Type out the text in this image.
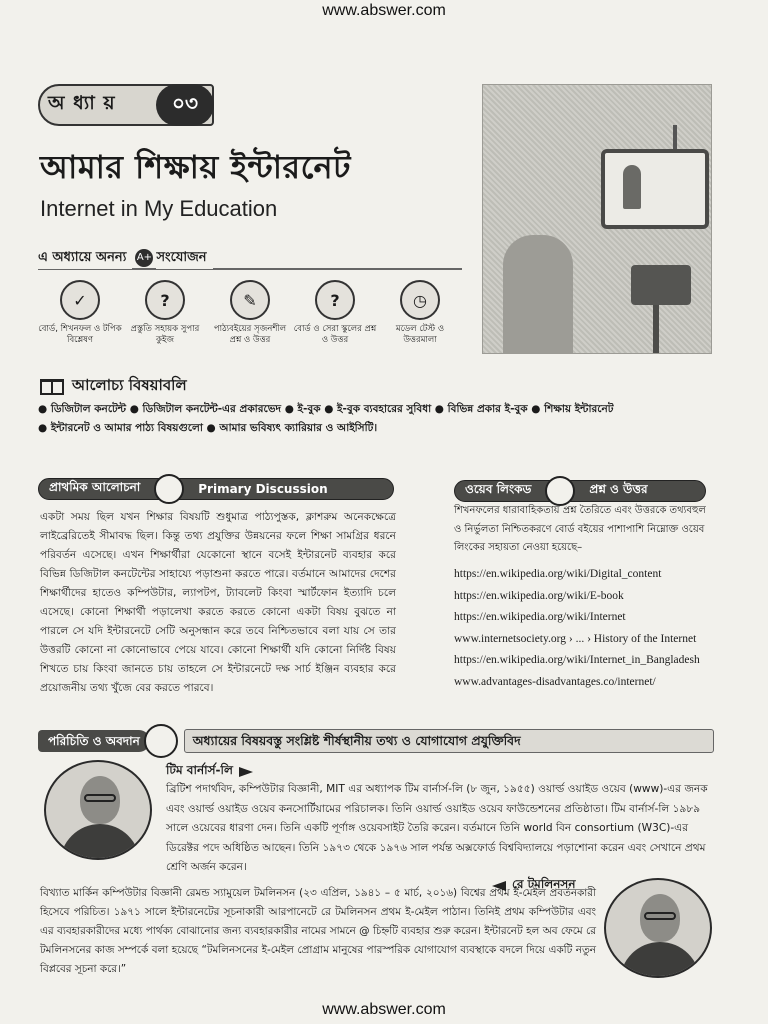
www.abswer.com
অ ধ্যা য়	০৩
আমার শিক্ষায় ইন্টারনেট
Internet in My Education
এ অধ্যায়ে অনন্য	A+ সংযোজন
✓
বোর্ড, শিখনফল ও টপিক বিশ্লেষণ
?
প্রস্তুতি সহায়ক সুপার কুইজ
✎
পাঠ্যবইয়ের সৃজনশীল প্রশ্ন ও উত্তর
?
বোর্ড ও সেরা স্কুলের প্রশ্ন ও উত্তর
◷
মডেল টেস্ট ও উত্তরমালা
আলোচ্য বিষয়াবলি
● ডিজিটাল কনটেন্ট ● ডিজিটাল কনটেন্ট-এর প্রকারভেদ ● ই-বুক ● ই-বুক ব্যবহারের সুবিধা ● বিভিন্ন প্রকার ই-বুক ● শিক্ষায় ইন্টারনেট
● ইন্টারনেট ও আমার পাঠ্য বিষয়গুলো ● আমার ভবিষ্যৎ ক্যারিয়ার ও আইসিটি।
প্রাথমিক আলোচনা	Primary Discussion
একটা সময় ছিল যখন শিক্ষার বিষয়টি শুধুমাত্র পাঠ্যপুস্তক, ক্লাশরুম অনেকক্ষেত্রে লাইব্রেরিতেই সীমাবদ্ধ ছিল। কিন্তু তথ্য প্রযুক্তির উন্নয়নের ফলে শিক্ষা সামগ্রির ধরনে পরিবর্তন এসেছে। এখন শিক্ষার্থীরা যেকোনো স্থানে বসেই ইন্টারনেট ব্যবহার করে বিভিন্ন ডিজিটাল কনটেন্টের সাহায্যে পড়াশুনা করতে পারে। বর্তমানে আমাদের দেশের শিক্ষার্থীদের হাতেও কম্পিউটার, ল্যাপটপ, ট্যাবলেট কিংবা স্মার্টফোন ইত্যাদি চলে এসেছে। কোনো শিক্ষার্থী পড়ালেখা করতে করতে কোনো একটা বিষয় বুঝতে না পারলে সে যদি ইন্টারনেটে সেটি অনুসন্ধান করে তবে নিশ্চিতভাবে বলা যায় সে তার উত্তরটি কোনো না কোনোভাবে পেয়ে যাবে। কোনো শিক্ষার্থী যদি কোনো নির্দিষ্ট বিষয় শিখতে চায় কিংবা জানতে চায় তাহলে সে ইন্টারনেটে দক্ষ সার্চ ইঞ্জিন ব্যবহার করে প্রয়োজনীয় তথ্য খুঁজে বের করতে পারবে।
ওয়েব লিংকড	প্রশ্ন ও উত্তর
শিখনফলের ধারাবাহিকতায় প্রশ্ন তৈরিতে এবং উত্তরকে তথ্যবহুল ও নির্ভুলতা নিশ্চিতকরণে বোর্ড বইয়ের পাশাপাশি নিম্নোক্ত ওয়েব লিংকের সহায়তা নেওয়া হয়েছে–
https://en.wikipedia.org/wiki/Digital_content
https://en.wikipedia.org/wiki/E-book
https://en.wikipedia.org/wiki/Internet
www.internetsociety.org › ... › History of the Internet
https://en.wikipedia.org/wiki/Internet_in_Bangladesh
www.advantages-disadvantages.co/internet/
পরিচিতি ও অবদান	অধ্যায়ের বিষয়বস্তু সংশ্লিষ্ট শীর্ষস্থানীয় তথ্য ও যোগাযোগ প্রযুক্তিবিদ
টিম বার্নার্স-লি
ব্রিটিশ পদার্থবিদ, কম্পিউটার বিজ্ঞানী, MIT এর অধ্যাপক টিম বার্নার্স-লি (৮ জুন, ১৯৫৫) ওয়ার্ল্ড ওয়াইড ওয়েব (www)-এর জনক এবং ওয়ার্ল্ড ওয়াইড ওয়েব কনসোর্টিয়ামের পরিচালক। তিনি ওয়ার্ল্ড ওয়াইড ওয়েব ফাউন্ডেশনের প্রতিষ্ঠাতা। টিম বার্নার্স-লি ১৯৮৯ সালে ওয়েবের ধারণা দেন। তিনি একটি পূর্ণাঙ্গ ওয়েবসাইট তৈরি করেন। বর্তমানে তিনি world বিন consortium (W3C)-এর ডিরেক্টর পদে অধিষ্ঠিত আছেন। তিনি ১৯৭৩ থেকে ১৯৭৬ সাল পর্যন্ত অক্সফোর্ড বিশ্ববিদ্যালয়ে পড়াশোনা করেন এবং সেখানে প্রথম শ্রেণি অর্জন করেন।
রে টমলিনসন
বিখ্যাত মার্কিন কম্পিউটার বিজ্ঞানী রেমন্ড স্যামুয়েল টমলিনসন (২৩ এপ্রিল, ১৯৪১ – ৫ মার্চ, ২০১৬) বিশ্বের প্রথম ই-মেইল প্রবর্তনকারী হিসেবে পরিচিত। ১৯৭১ সালে ইন্টারনেটের সূচনাকারী আরপানেটে রে টমলিনসন প্রথম ই-মেইল পাঠান। তিনিই প্রথম কম্পিউটার এবং এর ব্যবহারকারীদের মধ্যে পার্থক্য বোঝানোর জন্য ব্যবহারকারীর নামের সামনে @ চিহ্নটি ব্যবহার শুরু করেন। ইন্টারনেট হল অব ফেমে রে টমলিনসনের কাজ সম্পর্কে বলা হয়েছে “টমলিনসনের ই-মেইল প্রোগ্রাম মানুষের পারস্পরিক যোগাযোগ ব্যবস্থাকে বদলে দিয়ে একটি নতুন বিপ্লবের সূচনা করে।”
www.abswer.com
